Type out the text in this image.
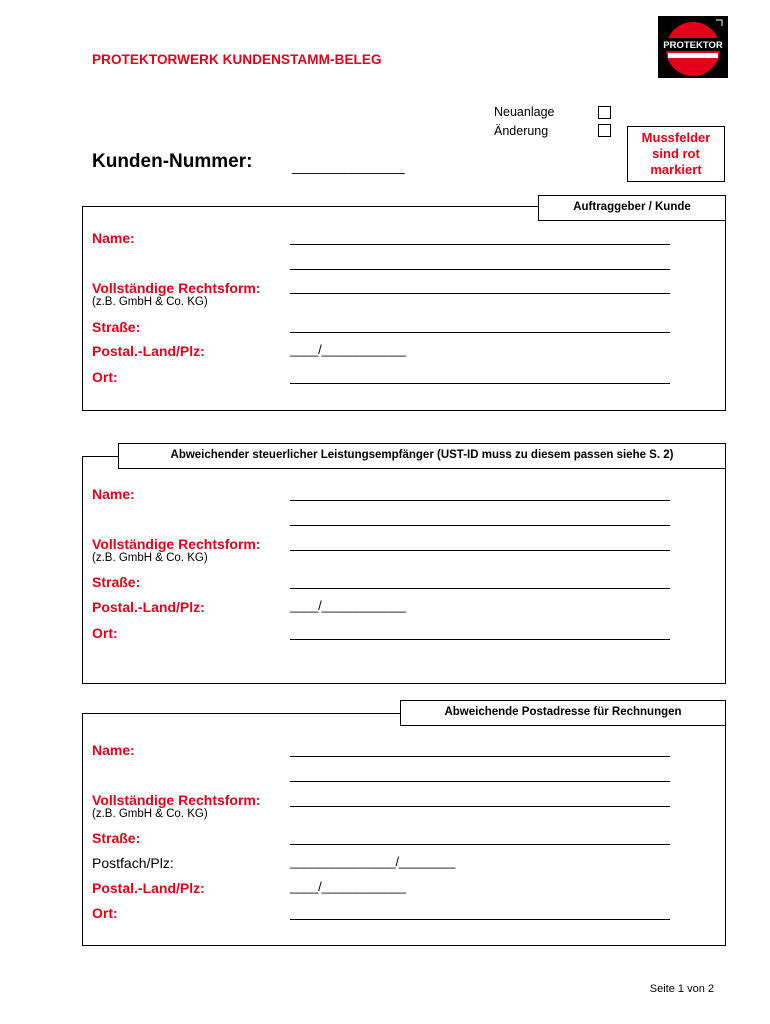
PROTEKTORWERK KUNDENSTAMM-BELEG
PROTEKTOR
Neuanlage
Änderung	Mussfelder
sind rot
markiert
Kunden-Nummer:	_______________
Auftraggeber / Kunde
Name:
Vollständige Rechtsform:
(z.B. GmbH & Co. KG)
Straße:
Postal.-Land/Plz:	____/____________
Ort:
Abweichender steuerlicher Leistungsempfänger (UST-ID muss zu diesem passen siehe S. 2)
Name:
Vollständige Rechtsform:
(z.B. GmbH & Co. KG)
Straße:
Postal.-Land/Plz:	____/____________
Ort:
Abweichende Postadresse für Rechnungen
Name:
Vollständige Rechtsform:
(z.B. GmbH & Co. KG)
Straße:
Postfach/Plz:	_______________/________
Postal.-Land/Plz:	____/____________
Ort:
Seite 1 von 2
